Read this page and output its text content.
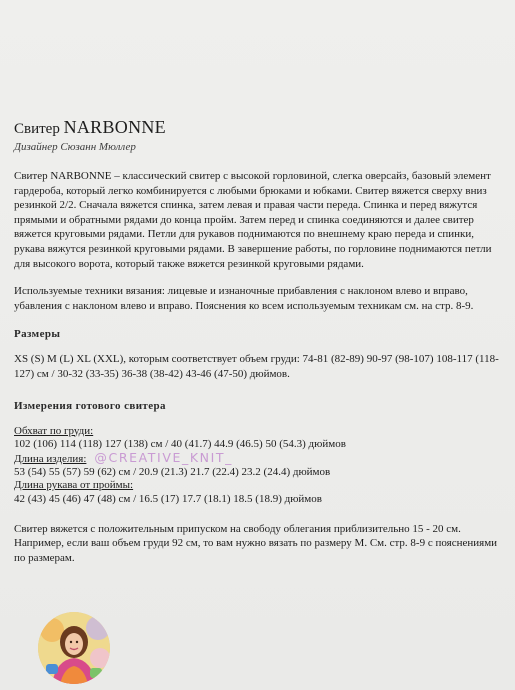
Свитер NARBONNE

Дизайнер Сюзанн Мюллер

Свитер NARBONNE – классический свитер с высокой горловиной, слегка оверсайз, базовый элемент гардероба, который легко комбинируется с любыми брюками и юбками. Свитер вяжется сверху вниз резинкой 2/2. Сначала вяжется спинка, затем левая и правая части переда. Спинка и перед вяжутся прямыми и обратными рядами до конца пройм. Затем перед и спинка соединяются и далее свитер вяжется круговыми рядами. Петли для рукавов поднимаются по внешнему краю переда и спинки, рукава вяжутся резинкой круговыми рядами. В завершение работы, по горловине поднимаются петли для высокого ворота, который также вяжется резинкой круговыми рядами.

Используемые техники вязания: лицевые и изнаночные прибавления с наклоном влево и вправо, убавления с наклоном влево и вправо. Пояснения ко всем используемым техникам см. на стр. 8-9.

Размеры

XS (S) M (L) XL (XXL), которым соответствует объем груди: 74-81 (82-89) 90-97 (98-107) 108-117 (118-127) см / 30-32 (33-35) 36-38 (38-42) 43-46 (47-50) дюймов.

Измерения готового свитера

Обхват по груди:

102 (106) 114 (118) 127 (138) см / 40 (41.7) 44.9 (46.5) 50 (54.3) дюймов

Длина изделия: @CREATIVE_KNIT_

53 (54) 55 (57) 59 (62) см / 20.9 (21.3) 21.7 (22.4) 23.2 (24.4) дюймов

Длина рукава от проймы:

42 (43) 45 (46) 47 (48) см / 16.5 (17) 17.7 (18.1) 18.5 (18.9) дюймов

Свитер вяжется с положительным припуском на свободу облегания приблизительно 15 - 20 см. Например, если ваш объем груди 92 см, то вам нужно вязать по размеру M. См. стр. 8-9 с пояснениями по размерам.
